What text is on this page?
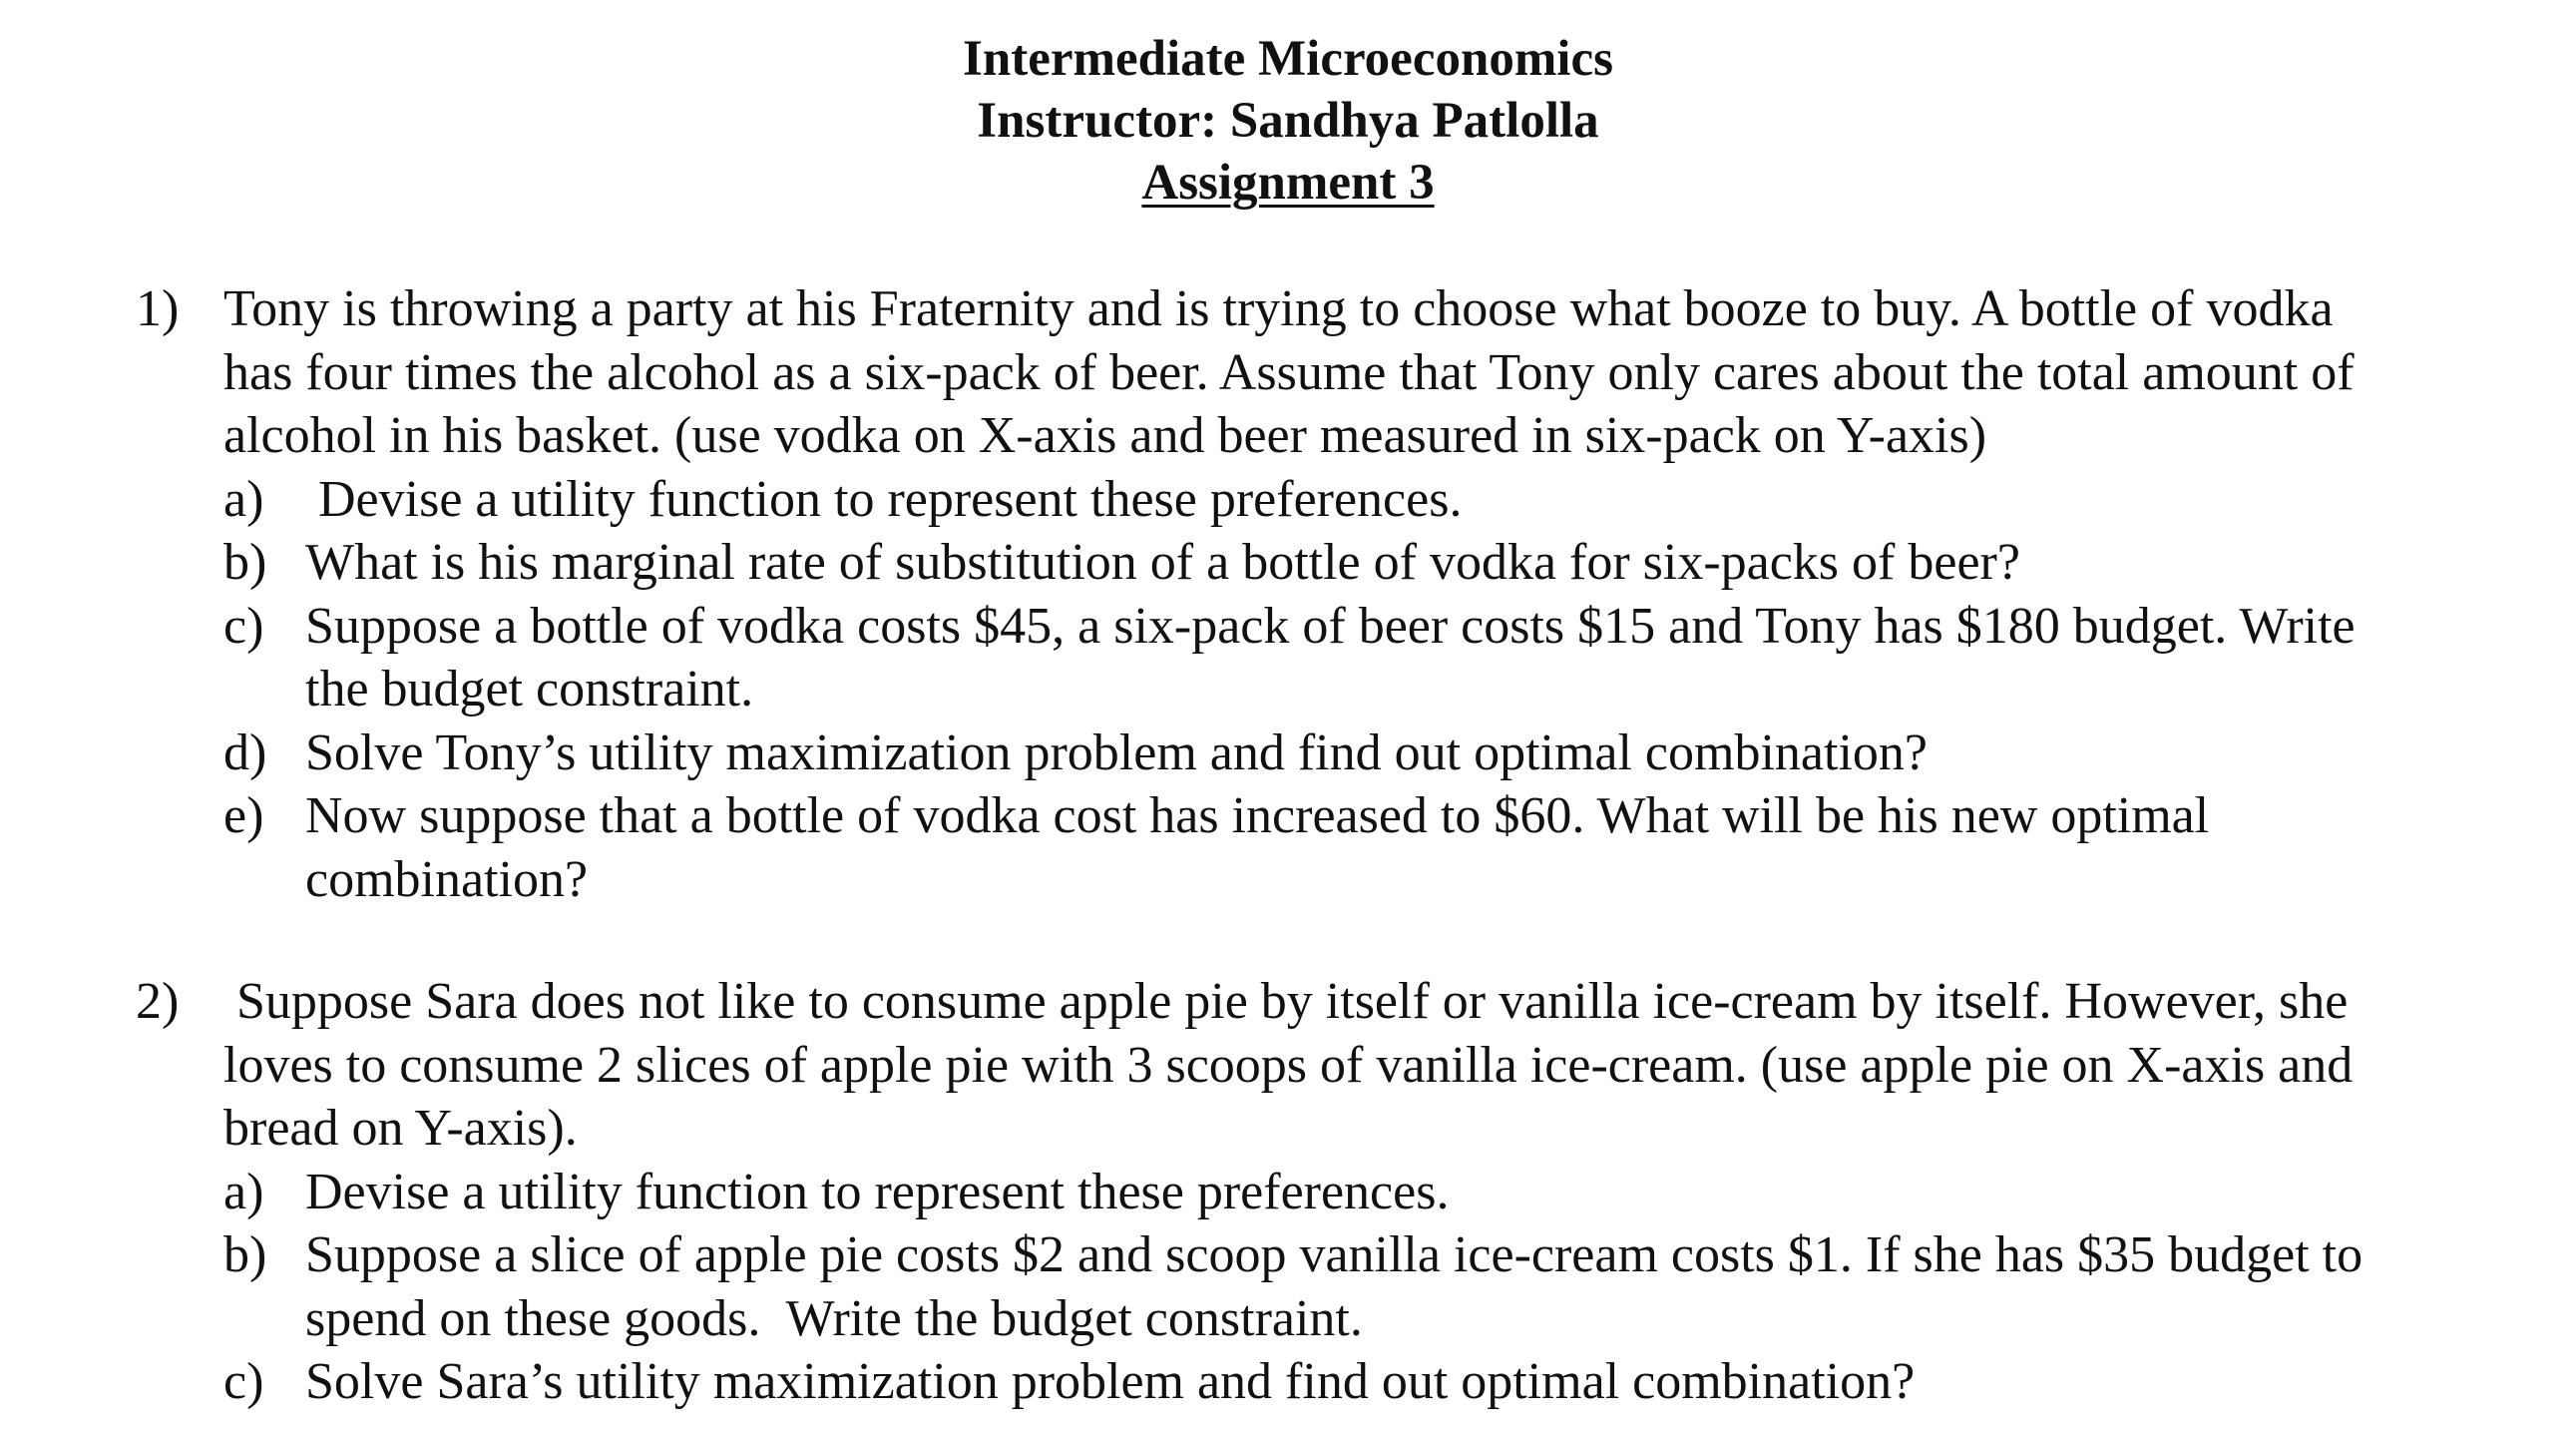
Intermediate Microeconomics
Instructor: Sandhya Patlolla
Assignment 3
1) Tony is throwing a party at his Fraternity and is trying to choose what booze to buy. A bottle of vodka
has four times the alcohol as a six-pack of beer. Assume that Tony only cares about the total amount of
alcohol in his basket. (use vodka on X-axis and beer measured in six-pack on Y-axis)
a) Devise a utility function to represent these preferences.
b) What is his marginal rate of substitution of a bottle of vodka for six-packs of beer?
c) Suppose a bottle of vodka costs $45, a six-pack of beer costs $15 and Tony has $180 budget. Write
the budget constraint.
d) Solve Tony’s utility maximization problem and find out optimal combination?
e) Now suppose that a bottle of vodka cost has increased to $60. What will be his new optimal
combination?
2) Suppose Sara does not like to consume apple pie by itself or vanilla ice-cream by itself. However, she
loves to consume 2 slices of apple pie with 3 scoops of vanilla ice-cream. (use apple pie on X-axis and
bread on Y-axis).
a) Devise a utility function to represent these preferences.
b) Suppose a slice of apple pie costs $2 and scoop vanilla ice-cream costs $1. If she has $35 budget to
spend on these goods.  Write the budget constraint.
c) Solve Sara’s utility maximization problem and find out optimal combination?
